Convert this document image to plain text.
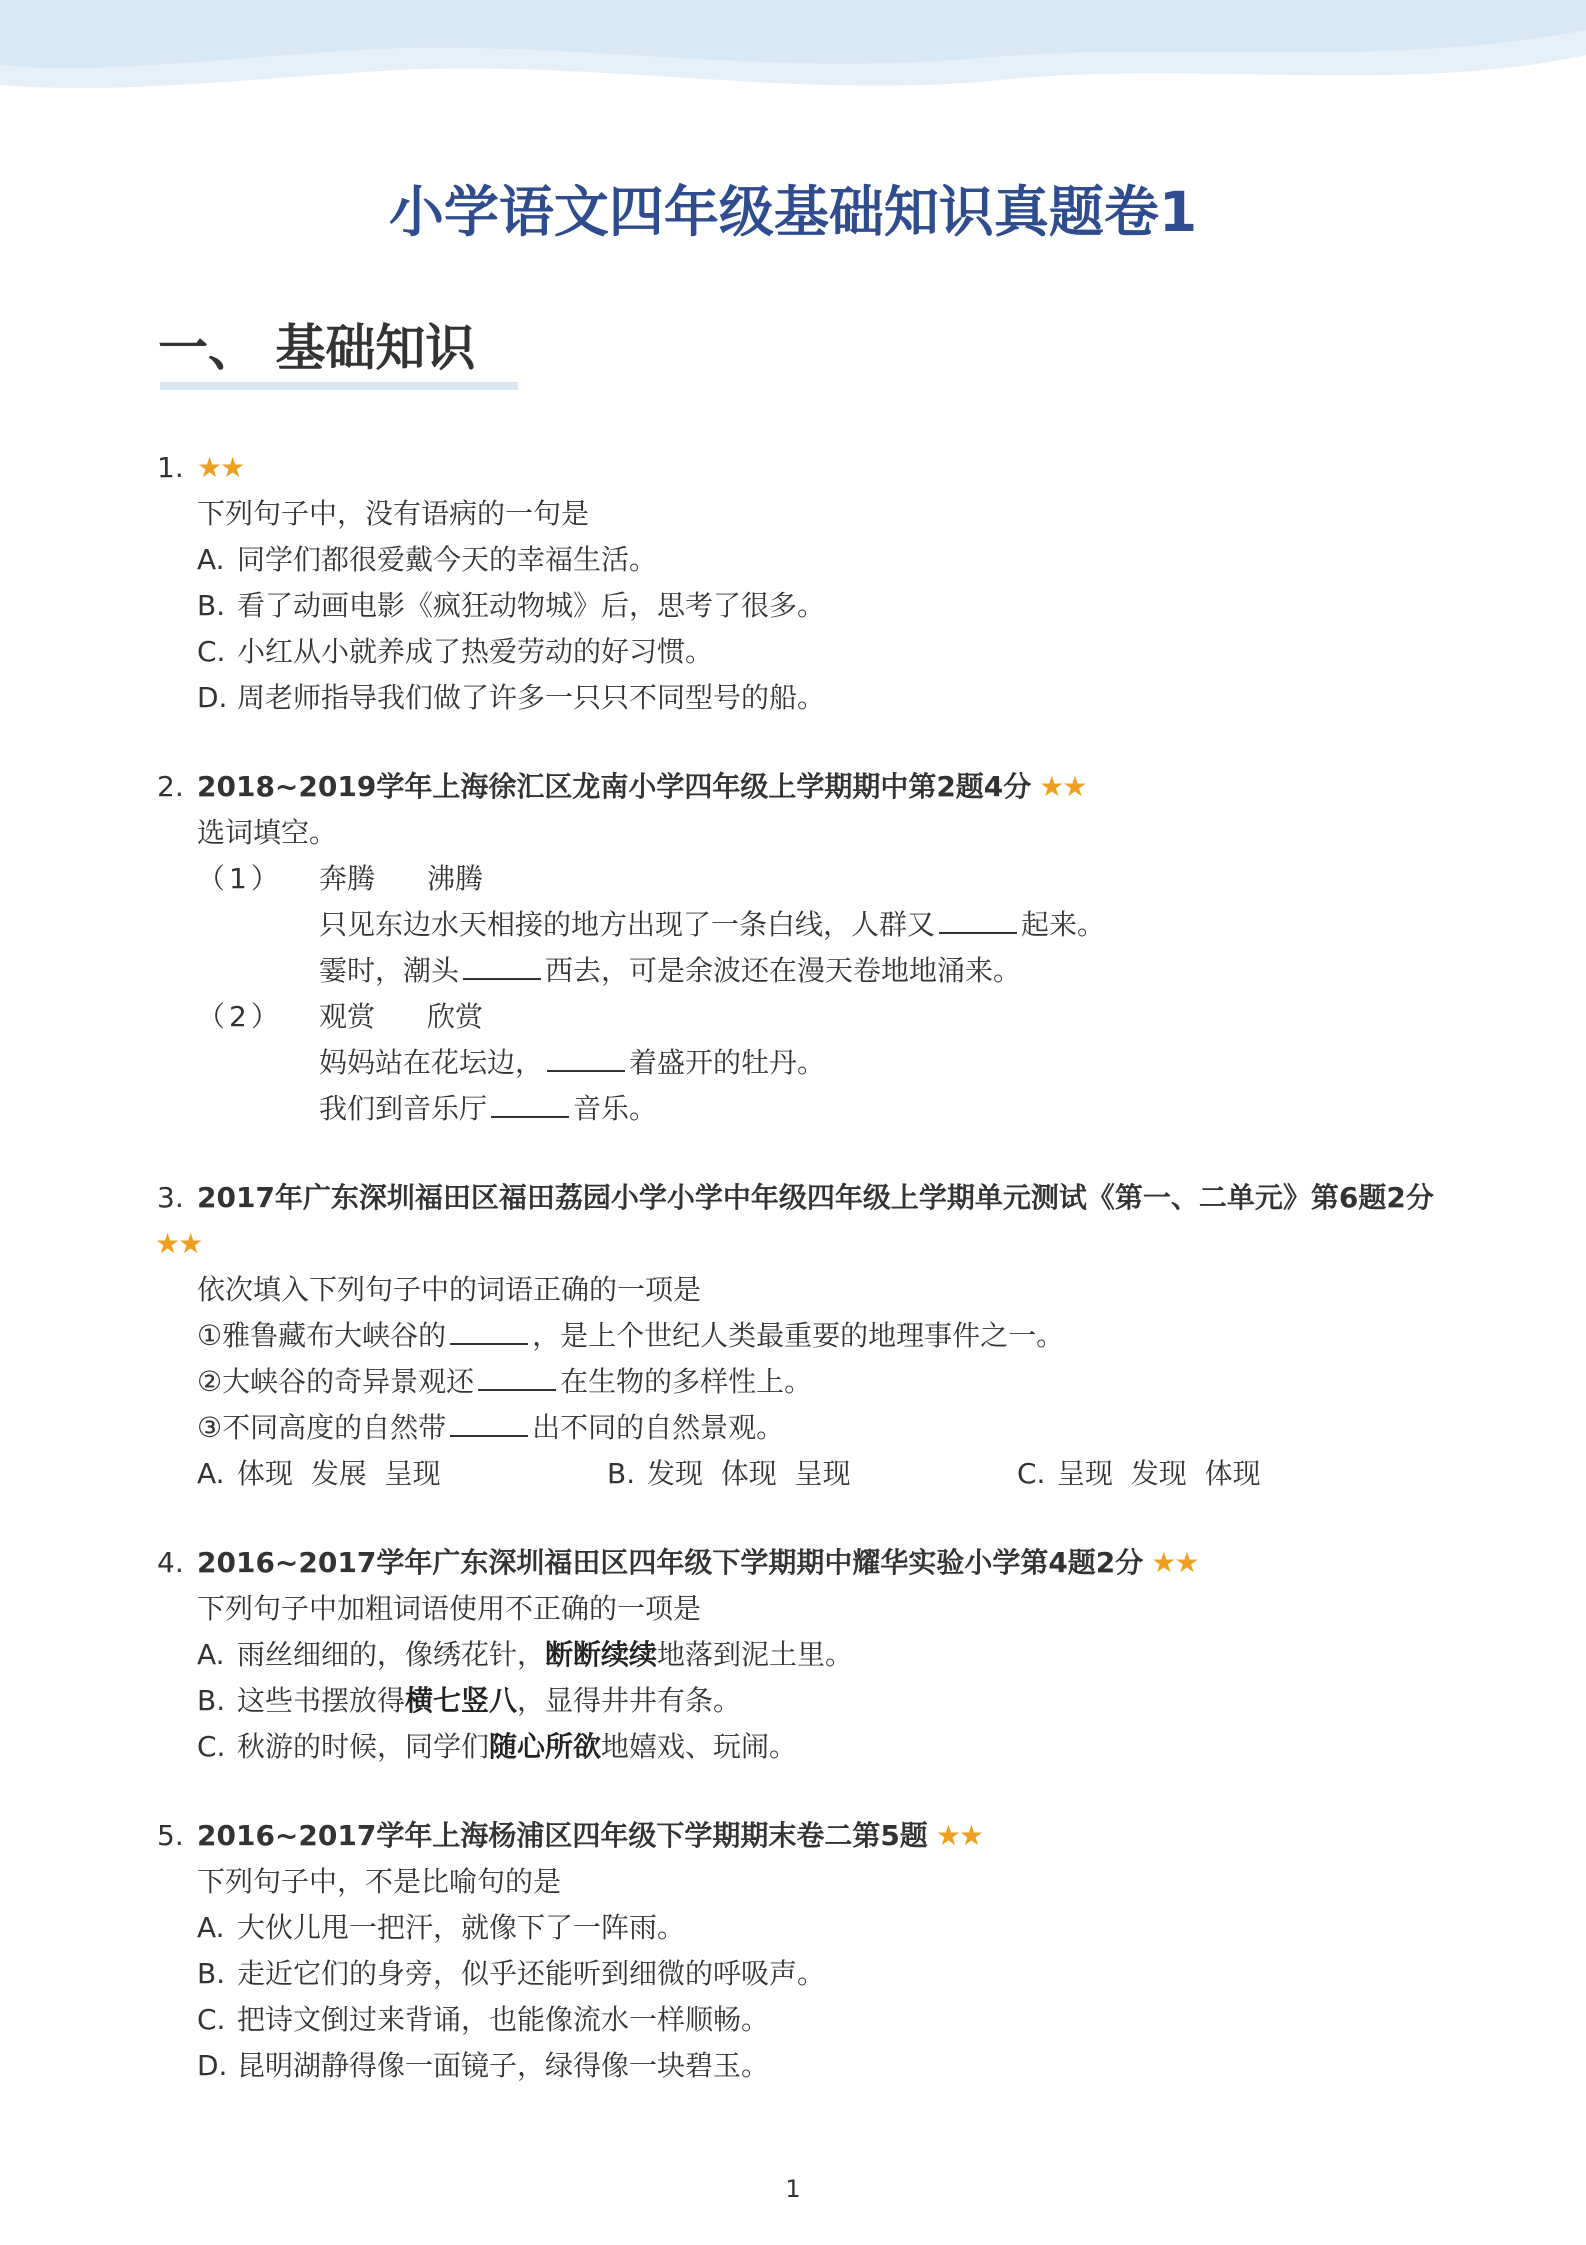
小学语文四年级基础知识真题卷1
一、 基础知识
1. ★★
下列句子中，没有语病的一句是
A. 同学们都很爱戴今天的幸福生活。
B. 看了动画电影《疯狂动物城》后，思考了很多。
C. 小红从小就养成了热爱劳动的好习惯。
D. 周老师指导我们做了许多一只只不同型号的船。
2. 2018~2019学年上海徐汇区龙南小学四年级上学期期中第2题4分 ★★
选词填空。
（1）	奔腾 沸腾
只见东边水天相接的地方出现了一条白线，人群又	起来。
霎时，潮头	西去，可是余波还在漫天卷地地涌来。
（2）	观赏 欣赏
妈妈站在花坛边，	着盛开的牡丹。
我们到音乐厅	音乐。
3. 2017年广东深圳福田区福田荔园小学小学中年级四年级上学期单元测试《第一、二单元》第6题2分
★★
依次填入下列句子中的词语正确的一项是
①雅鲁藏布大峡谷的	，是上个世纪人类最重要的地理事件之一。
②大峡谷的奇异景观还	在生物的多样性上。
③不同高度的自然带	出不同的自然景观。
A. 体现  发展  呈现	B. 发现  体现  呈现	C. 呈现  发现  体现
4. 2016~2017学年广东深圳福田区四年级下学期期中耀华实验小学第4题2分 ★★
下列句子中加粗词语使用不正确的一项是
A. 雨丝细细的，像绣花针，断断续续地落到泥土里。
B. 这些书摆放得横七竖八，显得井井有条。
C. 秋游的时候，同学们随心所欲地嬉戏、玩闹。
5. 2016~2017学年上海杨浦区四年级下学期期末卷二第5题 ★★
下列句子中，不是比喻句的是
A. 大伙儿甩一把汗，就像下了一阵雨。
B. 走近它们的身旁，似乎还能听到细微的呼吸声。
C. 把诗文倒过来背诵，也能像流水一样顺畅。
D. 昆明湖静得像一面镜子，绿得像一块碧玉。
1
